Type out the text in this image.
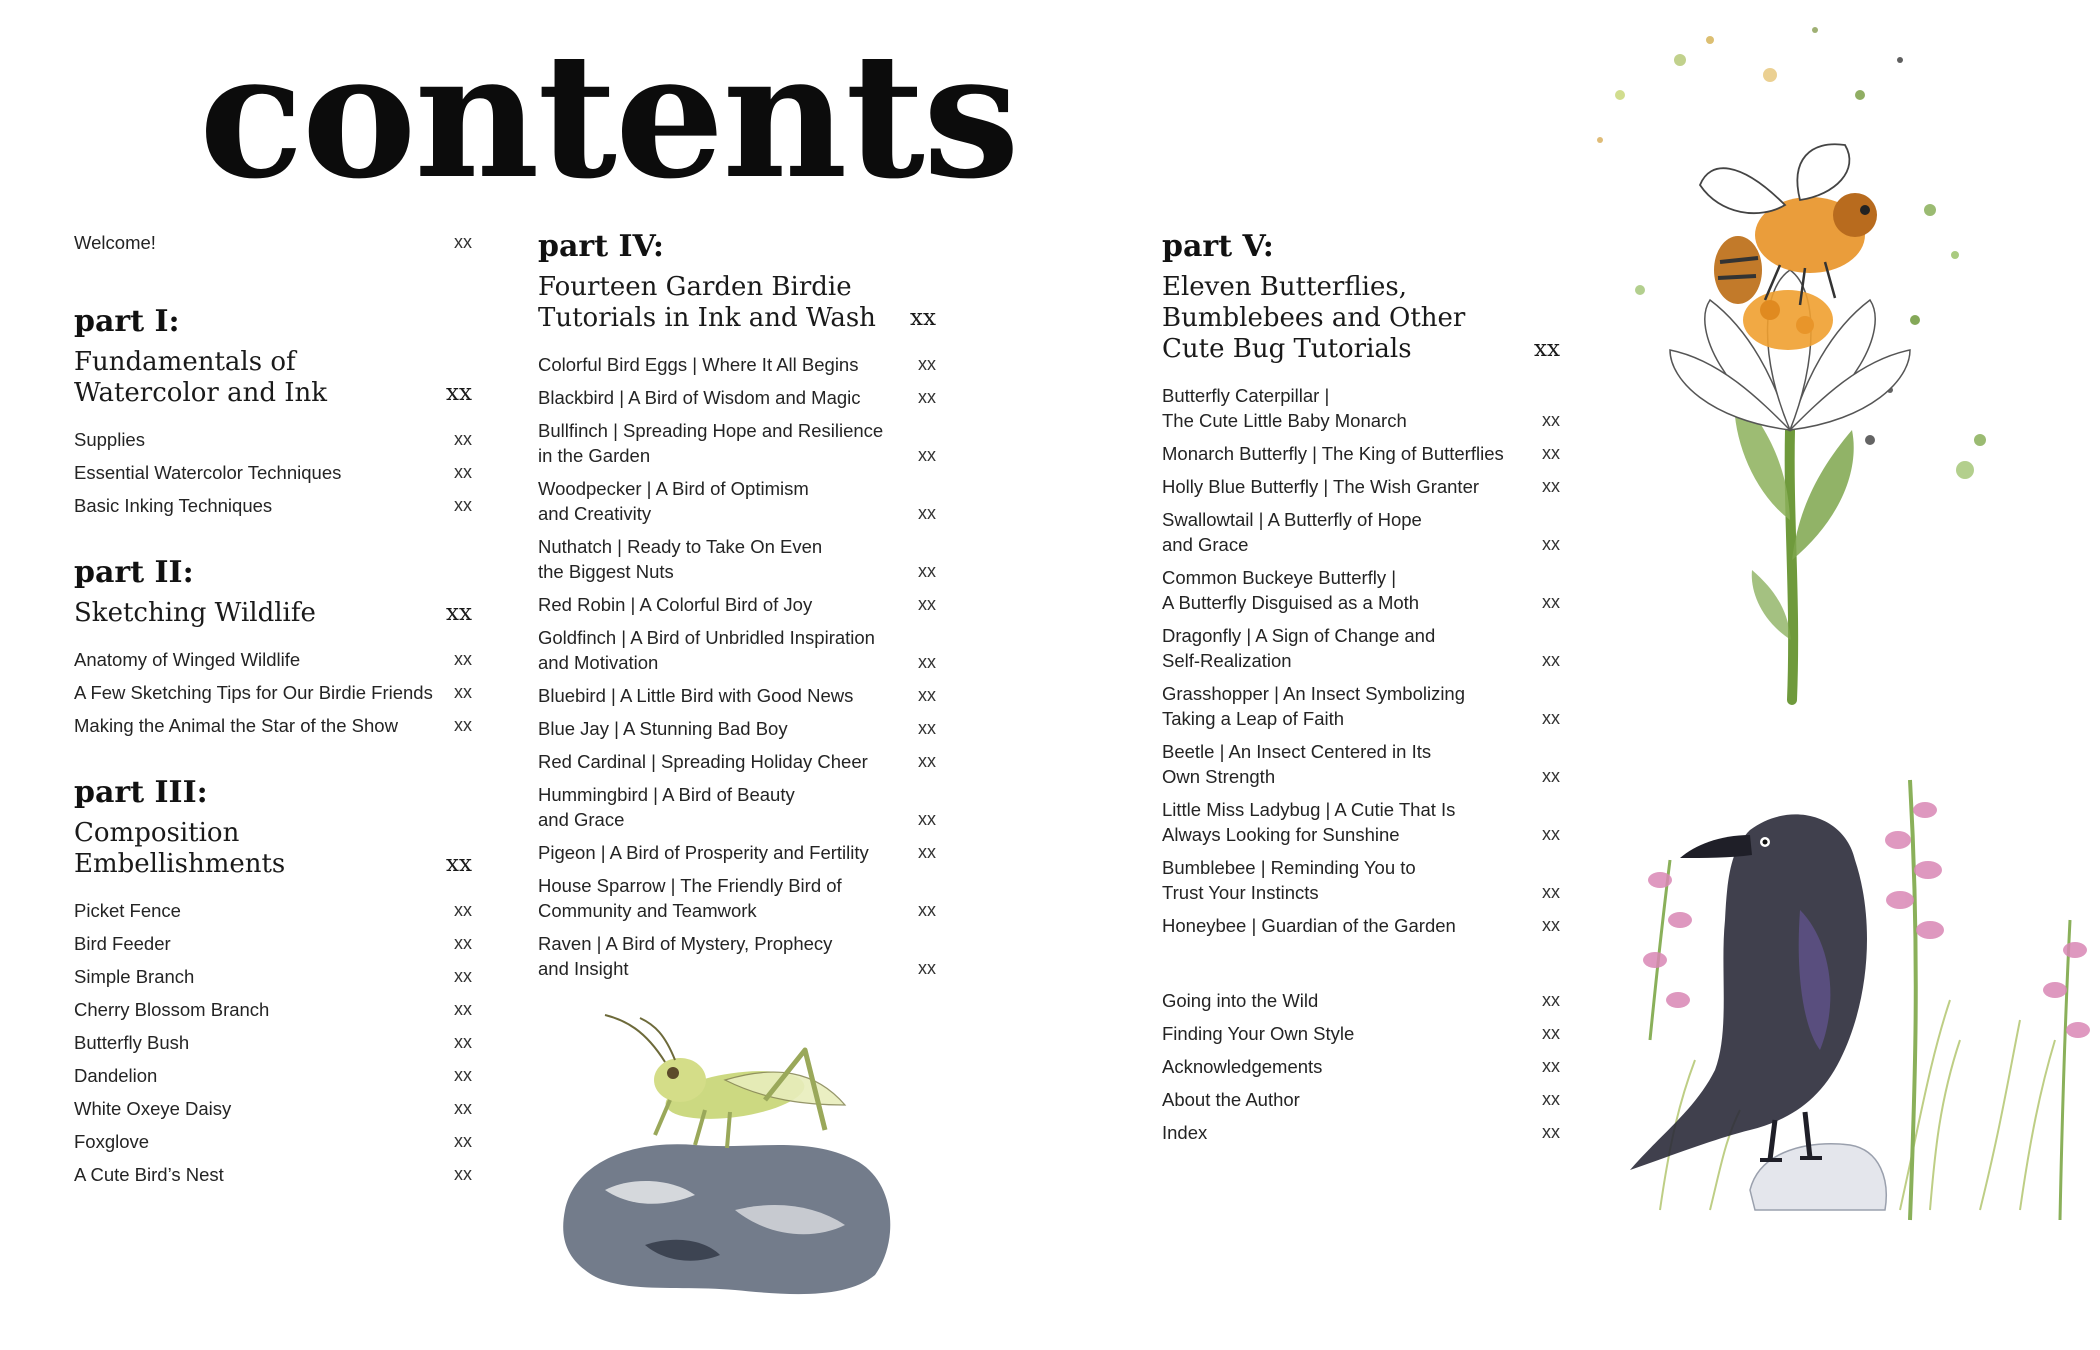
contents
Welcome!	xx
part I:
Fundamentals of
Watercolor and Ink	xx
Supplies	xx
Essential Watercolor Techniques	xx
Basic Inking Techniques	xx
part II:
Sketching Wildlife	xx
Anatomy of Winged Wildlife	xx
A Few Sketching Tips for Our Birdie Friends	xx
Making the Animal the Star of the Show	xx
part III:
Composition
Embellishments	xx
Picket Fence	xx
Bird Feeder	xx
Simple Branch	xx
Cherry Blossom Branch	xx
Butterfly Bush	xx
Dandelion	xx
White Oxeye Daisy	xx
Foxglove	xx
A Cute Bird’s Nest	xx
part IV:
Fourteen Garden Birdie
Tutorials in Ink and Wash	xx
Colorful Bird Eggs | Where It All Begins	xx
Blackbird | A Bird of Wisdom and Magic	xx
Bullfinch | Spreading Hope and Resilience
in the Garden	xx
Woodpecker | A Bird of Optimism
and Creativity	xx
Nuthatch | Ready to Take On Even
the Biggest Nuts	xx
Red Robin | A Colorful Bird of Joy	xx
Goldfinch | A Bird of Unbridled Inspiration
and Motivation	xx
Bluebird | A Little Bird with Good News	xx
Blue Jay | A Stunning Bad Boy	xx
Red Cardinal | Spreading Holiday Cheer	xx
Hummingbird | A Bird of Beauty
and Grace	xx
Pigeon | A Bird of Prosperity and Fertility	xx
House Sparrow | The Friendly Bird of
Community and Teamwork	xx
Raven | A Bird of Mystery, Prophecy
and Insight	xx
part V:
Eleven Butterflies,
Bumblebees and Other
Cute Bug Tutorials	xx
Butterfly Caterpillar |
The Cute Little Baby Monarch	xx
Monarch Butterfly | The King of Butterflies	xx
Holly Blue Butterfly | The Wish Granter	xx
Swallowtail | A Butterfly of Hope
and Grace	xx
Common Buckeye Butterfly |
A Butterfly Disguised as a Moth	xx
Dragonfly | A Sign of Change and
Self-Realization	xx
Grasshopper | An Insect Symbolizing
Taking a Leap of Faith	xx
Beetle | An Insect Centered in Its
Own Strength	xx
Little Miss Ladybug | A Cutie That Is
Always Looking for Sunshine	xx
Bumblebee | Reminding You to
Trust Your Instincts	xx
Honeybee | Guardian of the Garden	xx
Going into the Wild	xx
Finding Your Own Style	xx
Acknowledgements	xx
About the Author	xx
Index	xx
